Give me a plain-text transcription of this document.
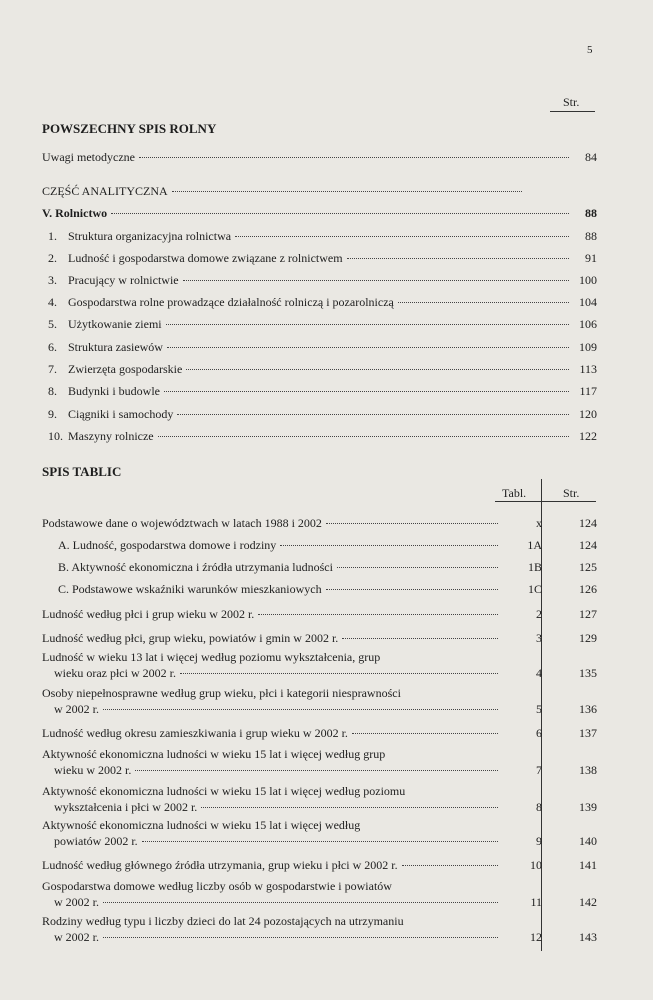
5
Str.
POWSZECHNY SPIS ROLNY
Uwagi metodyczne	84
CZĘŚĆ ANALITYCZNA
V. Rolnictwo	88
1. Struktura organizacyjna rolnictwa	88
2. Ludność i gospodarstwa domowe związane z rolnictwem	91
3. Pracujący w rolnictwie	100
4. Gospodarstwa rolne prowadzące działalność rolniczą i pozarolniczą	104
5. Użytkowanie ziemi	106
6. Struktura zasiewów	109
7. Zwierzęta gospodarskie	113
8. Budynki i budowle	117
9. Ciągniki i samochody	120
10. Maszyny rolnicze	122
SPIS TABLIC
Tabl.	Str.
Podstawowe dane o województwach w latach 1988 i 2002	x	124
A. Ludność, gospodarstwa domowe i rodziny	1A	124
B. Aktywność ekonomiczna i źródła utrzymania ludności	1B	125
C. Podstawowe wskaźniki warunków mieszkaniowych	1C	126
Ludność według płci i grup wieku w 2002 r.	2	127
Ludność według płci, grup wieku, powiatów i gmin w 2002 r.	3	129
Ludność w wieku 13 lat i więcej według poziomu wykształcenia, grup
wieku oraz płci w 2002 r.	4	135
Osoby niepełnosprawne według grup wieku, płci i kategorii niesprawności
w 2002 r.	5	136
Ludność według okresu zamieszkiwania i grup wieku w 2002 r.	6	137
Aktywność ekonomiczna ludności w wieku 15 lat i więcej według grup
wieku w 2002 r.	7	138
Aktywność ekonomiczna ludności w wieku 15 lat i więcej według poziomu
wykształcenia i płci w 2002 r.	8	139
Aktywność ekonomiczna ludności w wieku 15 lat i więcej według
powiatów 2002 r.	9	140
Ludność według głównego źródła utrzymania, grup wieku i płci w 2002 r.	10	141
Gospodarstwa domowe według liczby osób w gospodarstwie i powiatów
w 2002 r.	11	142
Rodziny według typu i liczby dzieci do lat 24 pozostających na utrzymaniu
w 2002 r.	12	143
